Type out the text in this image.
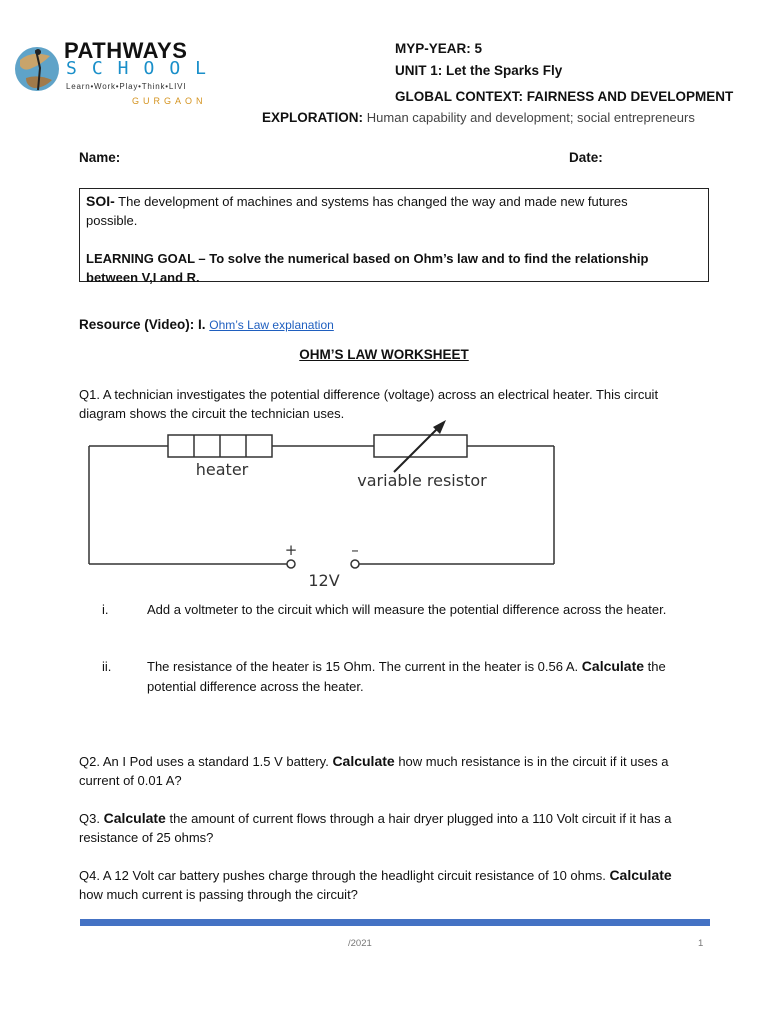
PATHWAYS
SCHOOL
Learn•Work•Play•Think•LIVI
GURGAON
MYP-YEAR: 5
UNIT 1: Let the Sparks Fly
GLOBAL CONTEXT: FAIRNESS AND DEVELOPMENT
EXPLORATION: Human capability and development; social entrepreneurs
Name:	Date:
SOI- The development of machines and systems has changed the way and made new futures
possible.
LEARNING GOAL – To solve the numerical based on Ohm’s law and to find the relationship
between V,I and R.
Resource (Video): I. Ohm’s Law explanation
OHM’S LAW WORKSHEET
Q1. A technician investigates the potential difference (voltage) across an electrical heater. This circuit
diagram shows the circuit the technician uses.
heater
variable resistor
+	–
12V
i.	Add a voltmeter to the circuit which will measure the potential difference across the heater.
ii.	The resistance of the heater is 15 Ohm. The current in the heater is 0.56 A. Calculate the
potential difference across the heater.
Q2. An I Pod uses a standard 1.5 V battery. Calculate how much resistance is in the circuit if it uses a
current of 0.01 A?
Q3. Calculate the amount of current flows through a hair dryer plugged into a 110 Volt circuit if it has a
resistance of 25 ohms?
Q4. A 12 Volt car battery pushes charge through the headlight circuit resistance of 10 ohms. Calculate
how much current is passing through the circuit?
/2021	1
